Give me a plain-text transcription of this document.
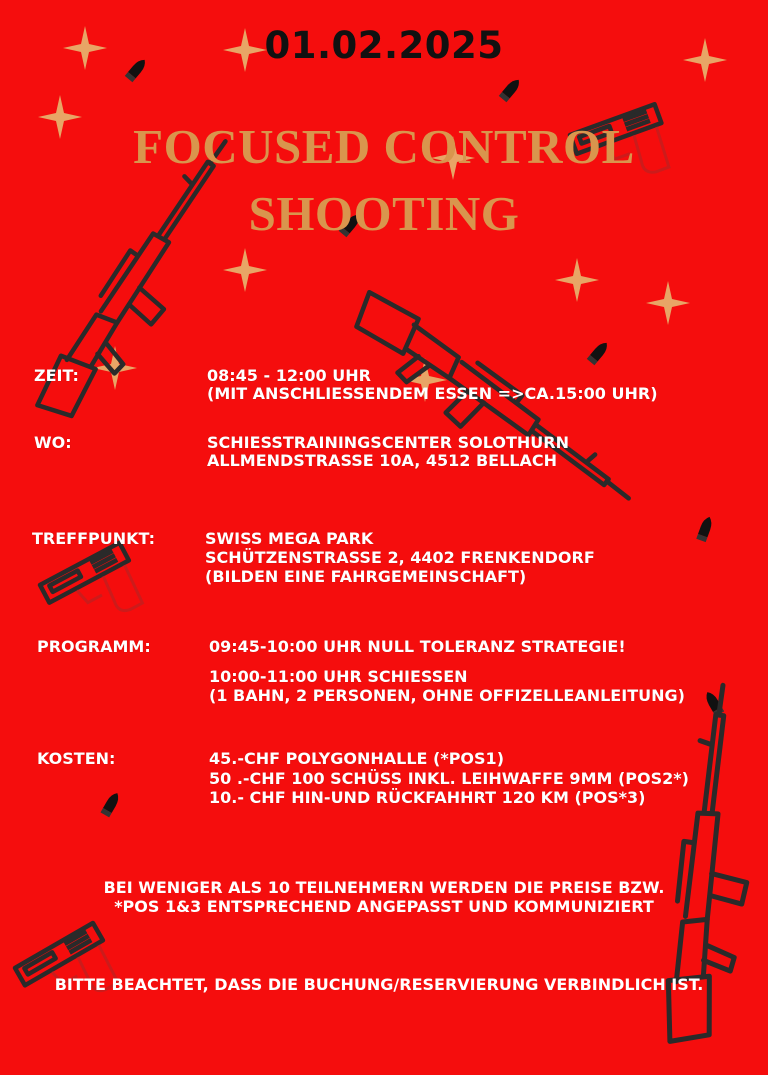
01.02.2025
FOCUSED CONTROL
SHOOTING
ZEIT:	08:45 - 12:00 UHR
(MIT ANSCHLIESSENDEM ESSEN =>CA.15:00 UHR)
WO:	SCHIESSTRAININGSCENTER SOLOTHURN
ALLMENDSTRASSE 10A, 4512 BELLACH
TREFFPUNKT:	SWISS MEGA PARK
SCHÜTZENSTRASSE 2, 4402 FRENKENDORF
(BILDEN EINE FAHRGEMEINSCHAFT)
PROGRAMM:	09:45-10:00 UHR NULL TOLERANZ STRATEGIE!
10:00-11:00 UHR SCHIESSEN
(1 BAHN, 2 PERSONEN, OHNE OFFIZELLEANLEITUNG)
KOSTEN:	45.-CHF POLYGONHALLE (*POS1)
50 .-CHF 100 SCHÜSS INKL. LEIHWAFFE 9MM (POS2*)
10.- CHF HIN-UND RÜCKFAHHRT 120 KM (POS*3)
BEI WENIGER ALS 10 TEILNEHMERN WERDEN DIE PREISE BZW.
*POS 1&3 ENTSPRECHEND ANGEPASST UND KOMMUNIZIERT
BITTE BEACHTET, DASS DIE BUCHUNG/RESERVIERUNG VERBINDLICH IST.
